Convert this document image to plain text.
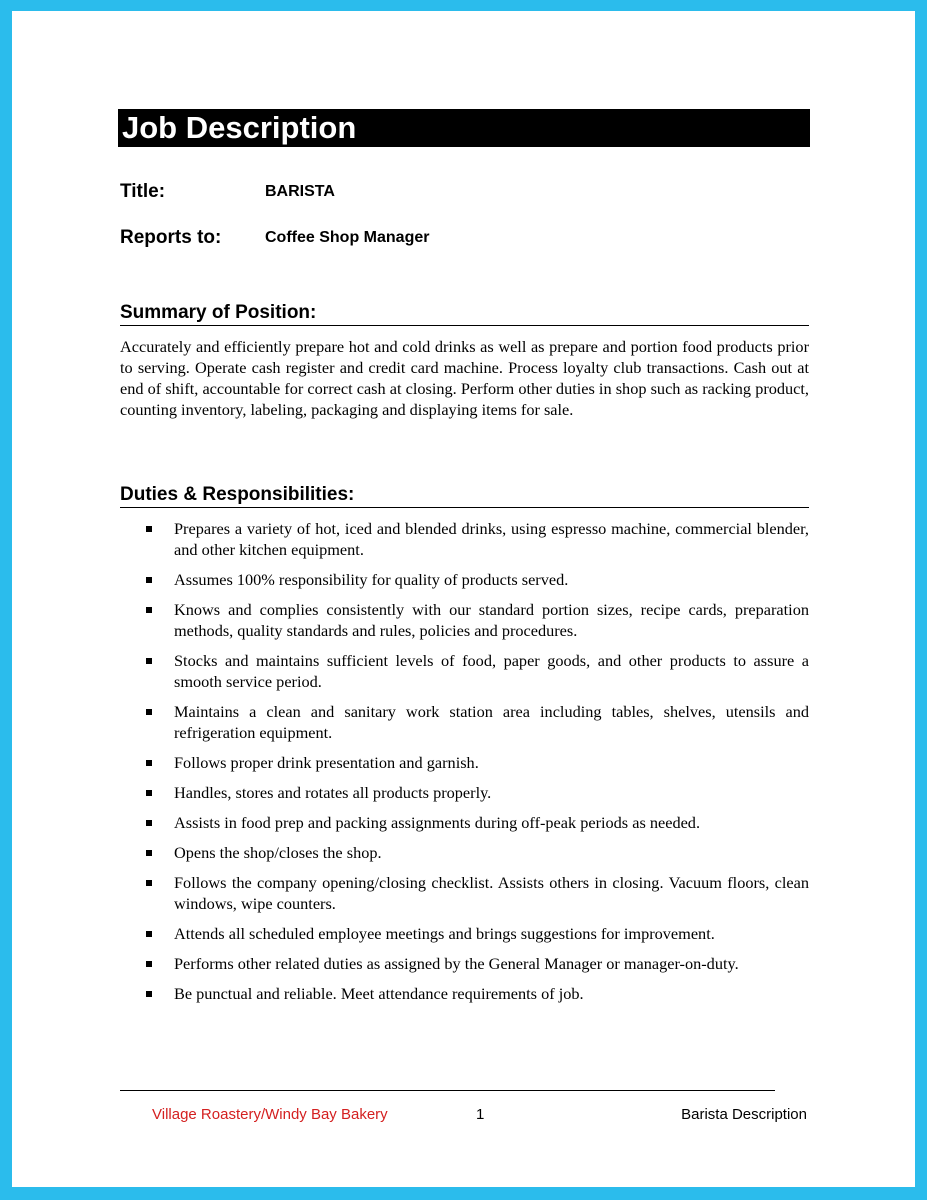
Job Description
Title:	BARISTA
Reports to:	Coffee Shop Manager
Summary of Position:
Accurately and efficiently prepare hot and cold drinks as well as prepare and portion food products prior to serving. Operate cash register and credit card machine. Process loyalty club transactions. Cash out at end of shift, accountable for correct cash at closing. Perform other duties in shop such as racking product, counting inventory, labeling, packaging and displaying items for sale.
Duties & Responsibilities:
Prepares a variety of hot, iced and blended drinks, using espresso machine, commercial blender, and other kitchen equipment.
Assumes 100% responsibility for quality of products served.
Knows and complies consistently with our standard portion sizes, recipe cards, preparation methods, quality standards and rules, policies and procedures.
Stocks and maintains sufficient levels of food, paper goods, and other products to assure a smooth service period.
Maintains a clean and sanitary work station area including tables, shelves, utensils and refrigeration equipment.
Follows proper drink presentation and garnish.
Handles, stores and rotates all products properly.
Assists in food prep and packing assignments during off-peak periods as needed.
Opens the shop/closes the shop.
Follows the company opening/closing checklist. Assists others in closing. Vacuum floors, clean windows, wipe counters.
Attends all scheduled employee meetings and brings suggestions for improvement.
Performs other related duties as assigned by the General Manager or manager-on-duty.
Be punctual and reliable. Meet attendance requirements of job.
Village Roastery/Windy Bay Bakery	1	Barista Description
